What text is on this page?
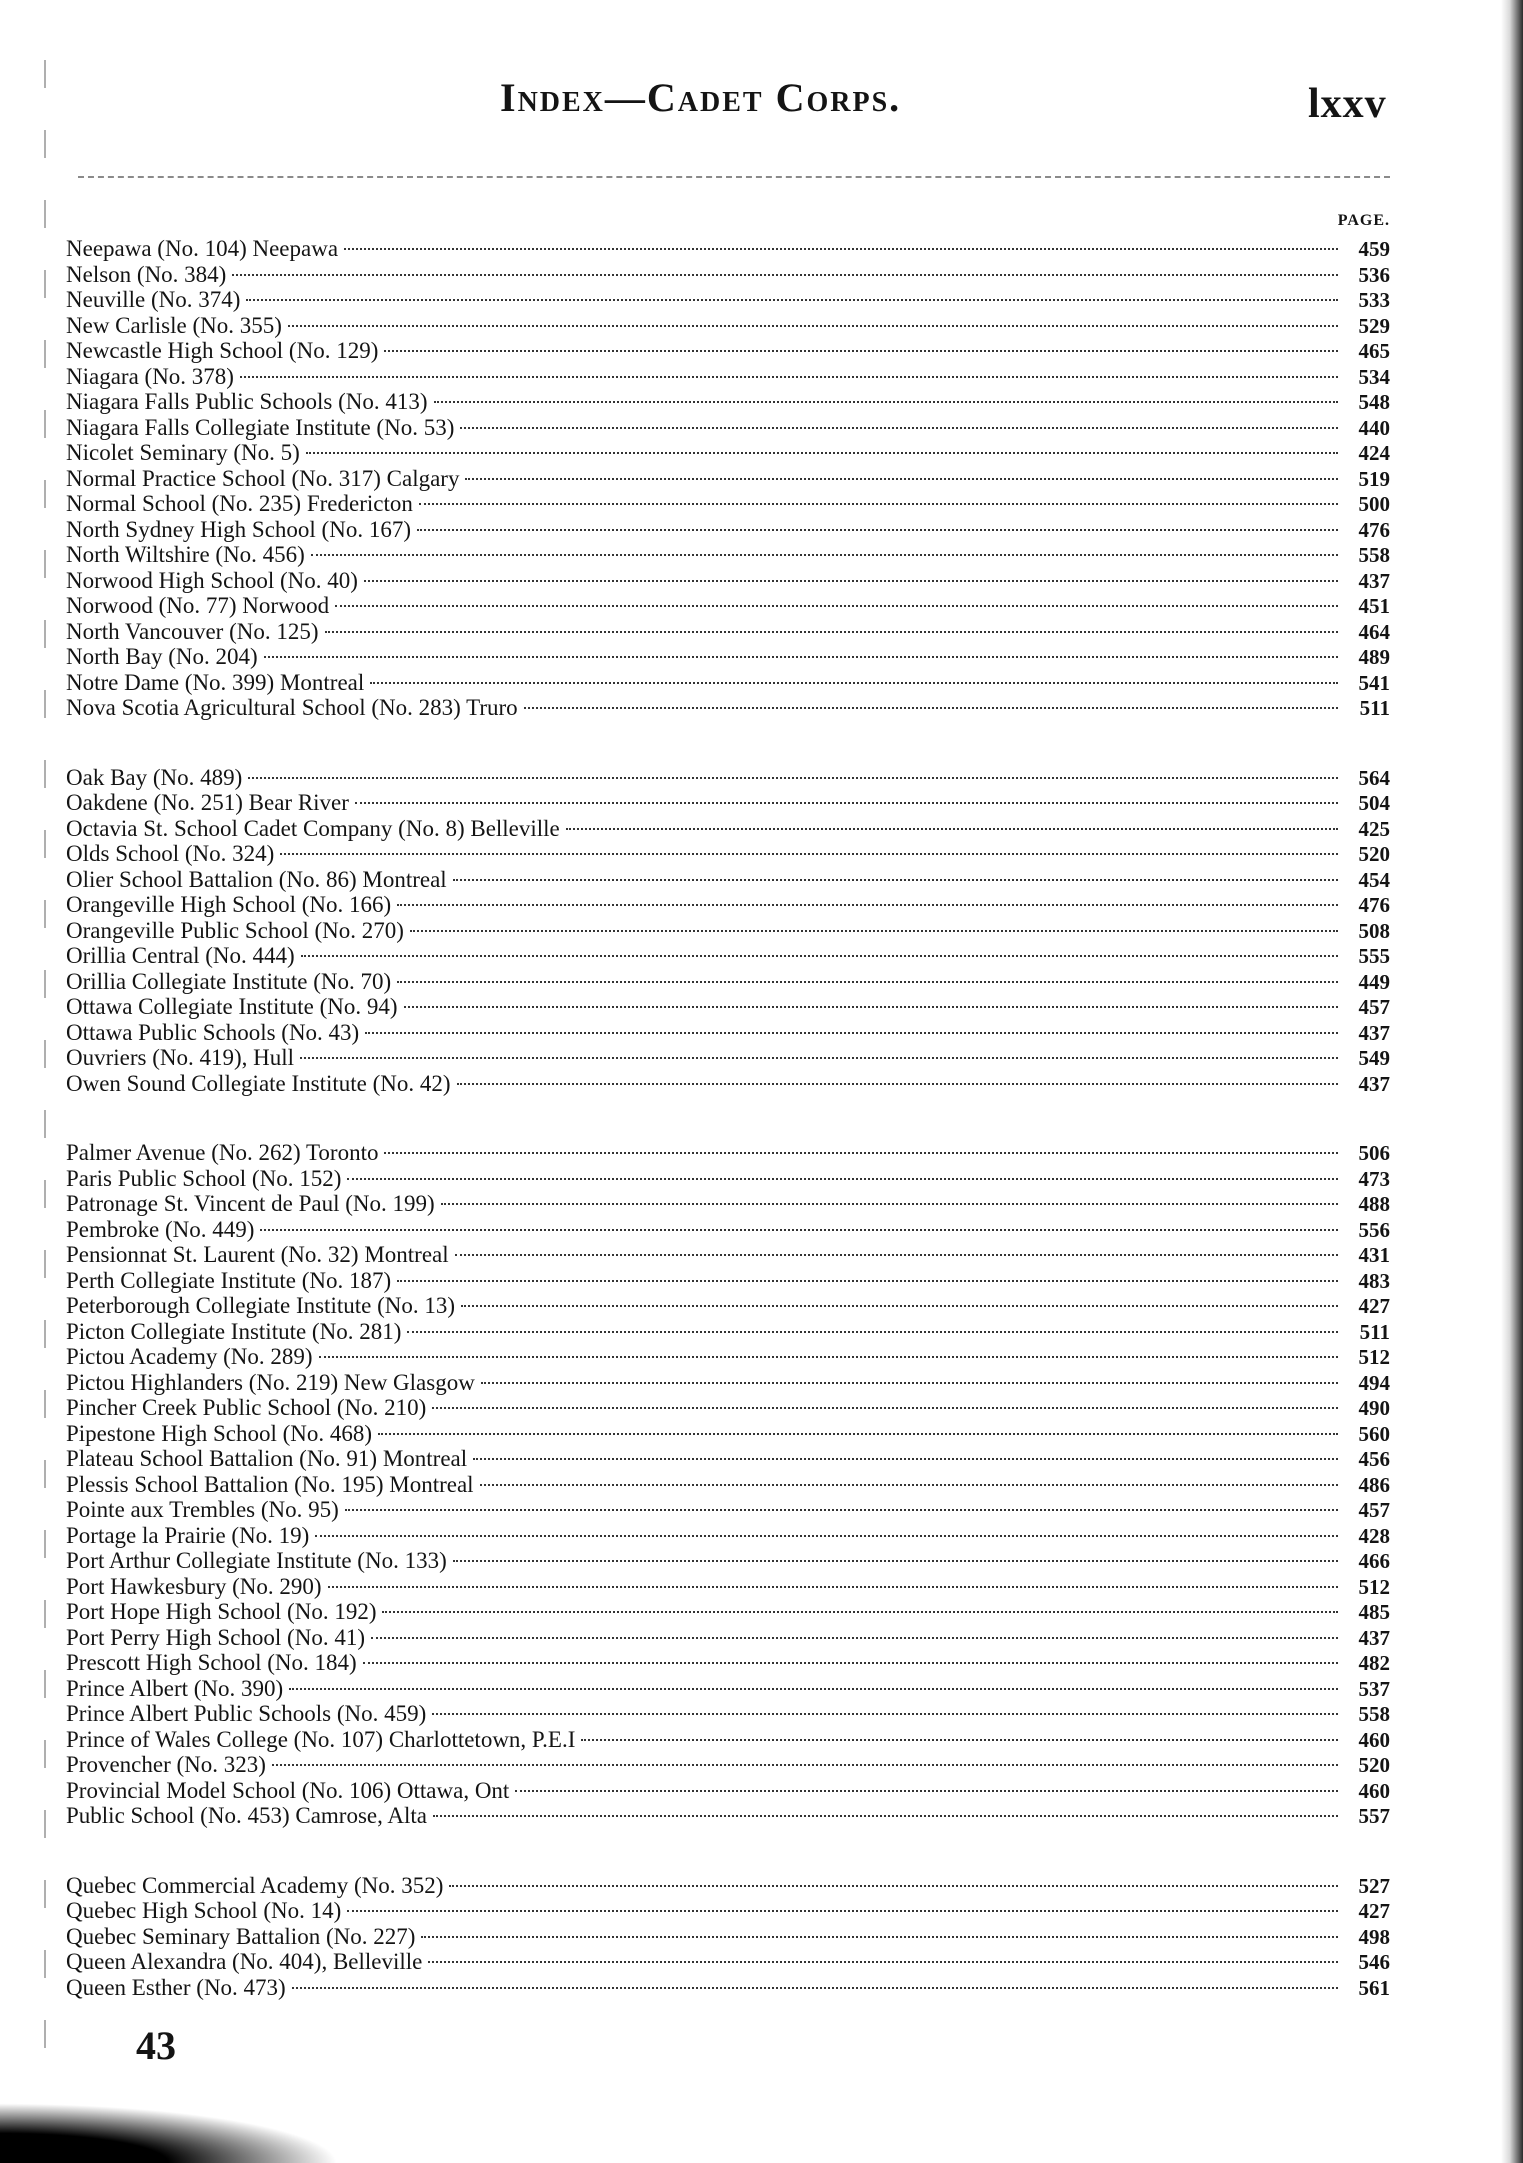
Index—Cadet Corps.	lxxv
PAGE.
Neepawa (No. 104) Neepawa	459
Nelson (No. 384)	536
Neuville (No. 374)	533
New Carlisle (No. 355)	529
Newcastle High School (No. 129)	465
Niagara (No. 378)	534
Niagara Falls Public Schools (No. 413)	548
Niagara Falls Collegiate Institute (No. 53)	440
Nicolet Seminary (No. 5)	424
Normal Practice School (No. 317) Calgary	519
Normal School (No. 235) Fredericton	500
North Sydney High School (No. 167)	476
North Wiltshire (No. 456)	558
Norwood High School (No. 40)	437
Norwood (No. 77) Norwood	451
North Vancouver (No. 125)	464
North Bay (No. 204)	489
Notre Dame (No. 399) Montreal	541
Nova Scotia Agricultural School (No. 283) Truro	511
Oak Bay (No. 489)	564
Oakdene (No. 251) Bear River	504
Octavia St. School Cadet Company (No. 8) Belleville	425
Olds School (No. 324)	520
Olier School Battalion (No. 86) Montreal	454
Orangeville High School (No. 166)	476
Orangeville Public School (No. 270)	508
Orillia Central (No. 444)	555
Orillia Collegiate Institute (No. 70)	449
Ottawa Collegiate Institute (No. 94)	457
Ottawa Public Schools (No. 43)	437
Ouvriers (No. 419), Hull	549
Owen Sound Collegiate Institute (No. 42)	437
Palmer Avenue (No. 262) Toronto	506
Paris Public School (No. 152)	473
Patronage St. Vincent de Paul (No. 199)	488
Pembroke (No. 449)	556
Pensionnat St. Laurent (No. 32) Montreal	431
Perth Collegiate Institute (No. 187)	483
Peterborough Collegiate Institute (No. 13)	427
Picton Collegiate Institute (No. 281)	511
Pictou Academy (No. 289)	512
Pictou Highlanders (No. 219) New Glasgow	494
Pincher Creek Public School (No. 210)	490
Pipestone High School (No. 468)	560
Plateau School Battalion (No. 91) Montreal	456
Plessis School Battalion (No. 195) Montreal	486
Pointe aux Trembles (No. 95)	457
Portage la Prairie (No. 19)	428
Port Arthur Collegiate Institute (No. 133)	466
Port Hawkesbury (No. 290)	512
Port Hope High School (No. 192)	485
Port Perry High School (No. 41)	437
Prescott High School (No. 184)	482
Prince Albert (No. 390)	537
Prince Albert Public Schools (No. 459)	558
Prince of Wales College (No. 107) Charlottetown, P.E.I	460
Provencher (No. 323)	520
Provincial Model School (No. 106) Ottawa, Ont	460
Public School (No. 453) Camrose, Alta	557
Quebec Commercial Academy (No. 352)	527
Quebec High School (No. 14)	427
Quebec Seminary Battalion (No. 227)	498
Queen Alexandra (No. 404), Belleville	546
Queen Esther (No. 473)	561
43
